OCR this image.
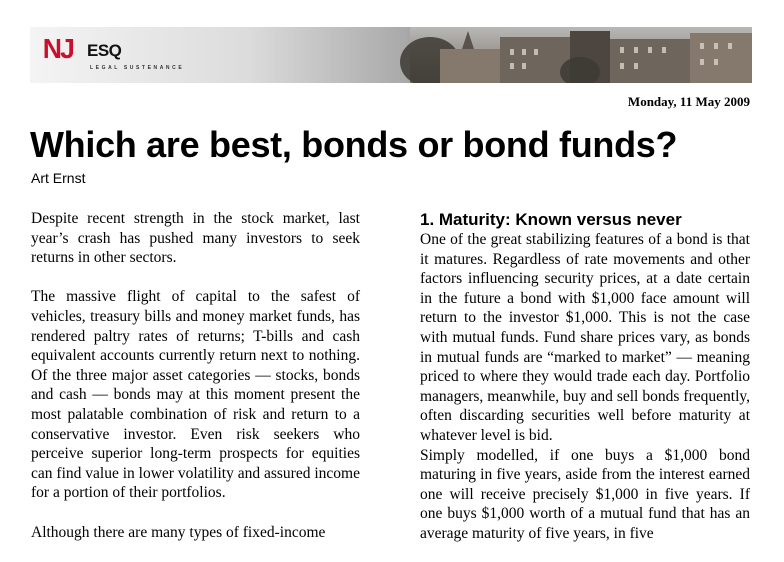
NJ ESQ
LEGAL SUSTENANCE
Monday, 11 May 2009
Which are best, bonds or bond funds?
Art Ernst

Despite recent strength in the stock market, last year’s crash has pushed many investors to seek returns in other sectors.

The massive flight of capital to the safest of vehicles, treasury bills and money market funds, has rendered paltry rates of returns; T-bills and cash equivalent accounts currently return next to nothing. Of the three major asset categories — stocks, bonds and cash — bonds may at this moment present the most palatable combination of risk and return to a conservative investor. Even risk seekers who perceive superior long-term prospects for equities can find value in lower volatility and assured income for a portion of their portfolios.

Although there are many types of fixed-income

1. Maturity: Known versus never

One of the great stabilizing features of a bond is that it matures. Regardless of rate movements and other factors influencing security prices, at a date certain in the future a bond with $1,000 face amount will return to the investor $1,000. This is not the case with mutual funds. Fund share prices vary, as bonds in mutual funds are “marked to market” — meaning priced to where they would trade each day. Portfolio managers, meanwhile, buy and sell bonds frequently, often discarding securities well before maturity at whatever level is bid.

Simply modelled, if one buys a $1,000 bond maturing in five years, aside from the interest earned one will receive precisely $1,000 in five years. If one buys $1,000 worth of a mutual fund that has an average maturity of five years, in five
